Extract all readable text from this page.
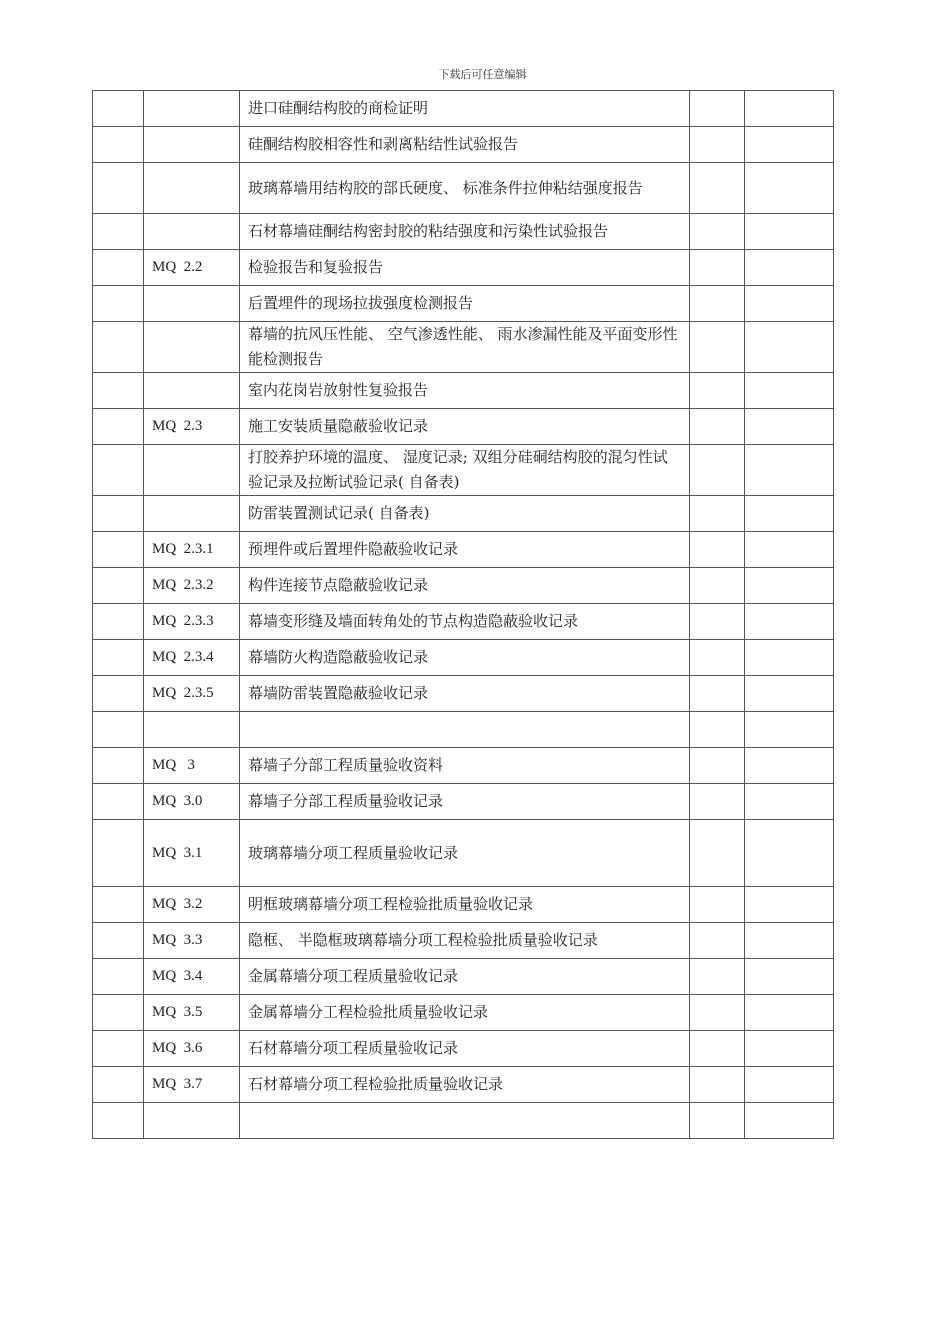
下载后可任意编辑
		进口硅酮结构胶的商检证明		
		硅酮结构胶相容性和剥离粘结性试验报告		
		玻璃幕墙用结构胶的部氏硬度、 标准条件拉伸粘结强度报告		
		石材幕墙硅酮结构密封胶的粘结强度和污染性试验报告		
	MQ  2.2	检验报告和复验报告		
		后置埋件的现场拉拔强度检测报告		
		幕墙的抗风压性能、 空气渗透性能、 雨水渗漏性能及平面变形性能检测报告		
		室内花岗岩放射性复验报告		
	MQ  2.3	施工安装质量隐蔽验收记录		
		打胶养护环境的温度、 湿度记录; 双组分硅硐结构胶的混匀性试验记录及拉断试验记录( 自备表)		
		防雷装置测试记录( 自备表)		
	MQ  2.3.1	预埋件或后置埋件隐蔽验收记录		
	MQ  2.3.2	构件连接节点隐蔽验收记录		
	MQ  2.3.3	幕墙变形缝及墙面转角处的节点构造隐蔽验收记录		
	MQ  2.3.4	幕墙防火构造隐蔽验收记录		
	MQ  2.3.5	幕墙防雷装置隐蔽验收记录		

	MQ   3	幕墙子分部工程质量验收资料		
	MQ  3.0	幕墙子分部工程质量验收记录		
	MQ  3.1	玻璃幕墙分项工程质量验收记录		
	MQ  3.2	明框玻璃幕墙分项工程检验批质量验收记录		
	MQ  3.3	隐框、 半隐框玻璃幕墙分项工程检验批质量验收记录		
	MQ  3.4	金属幕墙分项工程质量验收记录		
	MQ  3.5	金属幕墙分工程检验批质量验收记录		
	MQ  3.6	石材幕墙分项工程质量验收记录		
	MQ  3.7	石材幕墙分项工程检验批质量验收记录		
